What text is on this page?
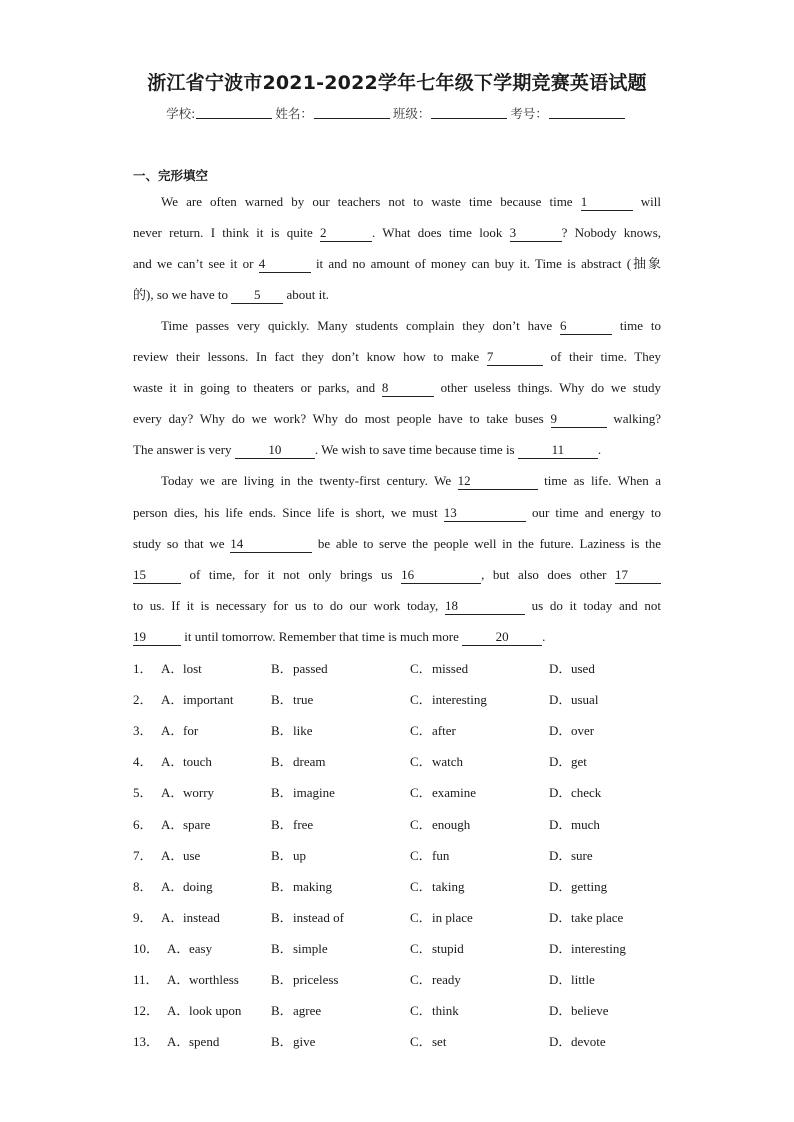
浙江省宁波市2021-2022学年七年级下学期竞赛英语试题
学校:	姓名：	班级：	考号：
一、完形填空
We are often warned by our teachers not to waste time because time 1	will
never return. I think it is quite 2	. What does time look 3	? Nobody knows,
and we can’t see it or 4	it and no amount of money can buy it. Time is abstract (抽象
的), so we have to 5 about it.
Time passes very quickly. Many students complain they don’t have 6	time to
review their lessons. In fact they don’t know how to make 7	of their time. They
waste it in going to theaters or parks, and 8	other useless things. Why do we study
every day? Why do we work? Why do most people have to take buses 9	walking?
The answer is very	10	. We wish to save time because time is	11	.
Today we are living in the twenty-first century. We 12	time as life. When a
person dies, his life ends. Since life is short, we must 13	our time and energy to
study so that we 14	be able to serve the people well in the future. Laziness is the
15	of time, for it not only brings us 16	, but also does other 17
to us. If it is necessary for us to do our work today, 18	us do it today and not
19	it until tomorrow. Remember that time is much more	20	.
1． A．lost	B．passed	C．missed	D．used
2． A．important	B．true	C．interesting	D．usual
3． A．for	B．like	C．after	D．over
4． A．touch	B．dream	C．watch	D．get
5． A．worry	B．imagine	C．examine	D．check
6． A．spare	B．free	C．enough	D．much
7． A．use	B．up	C．fun	D．sure
8． A．doing	B．making	C．taking	D．getting
9． A．instead	B．instead of	C．in place	D．take place
10． A．easy	B．simple	C．stupid	D．interesting
11． A．worthless B．priceless	C．ready	D．little
12． A．look upon B．agree	C．think	D．believe
13． A．spend	B．give	C．set	D．devote
